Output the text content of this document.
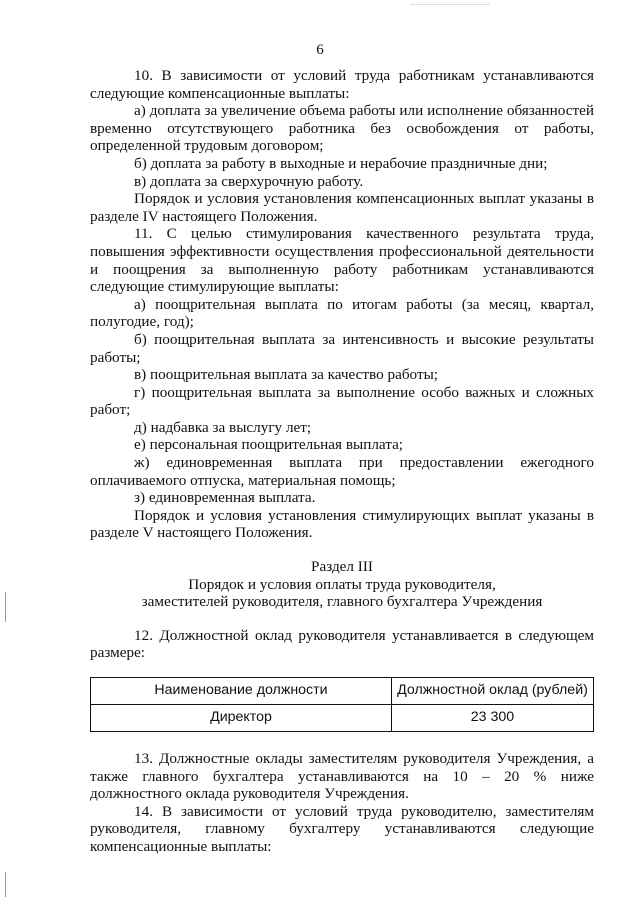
6

10. В зависимости от условий труда работникам устанавливаются следующие компенсационные выплаты:

а) доплата за увеличение объема работы или исполнение обязанностей временно отсутствующего работника без освобождения от работы, определенной трудовым договором;

б) доплата за работу в выходные и нерабочие праздничные дни;

в) доплата за сверхурочную работу.

Порядок и условия установления компенсационных выплат указаны в разделе IV настоящего Положения.

11. С целью стимулирования качественного результата труда, повышения эффективности осуществления профессиональной деятельности и поощрения за выполненную работу работникам устанавливаются следующие стимулирующие выплаты:

а) поощрительная выплата по итогам работы (за месяц, квартал, полугодие, год);

б) поощрительная выплата за интенсивность и высокие результаты работы;

в) поощрительная выплата за качество работы;

г) поощрительная выплата за выполнение особо важных и сложных работ;

д) надбавка за выслугу лет;

е) персональная поощрительная выплата;

ж) единовременная выплата при предоставлении ежегодного оплачиваемого отпуска, материальная помощь;

з) единовременная выплата.

Порядок и условия установления стимулирующих выплат указаны в разделе V настоящего Положения.

Раздел III

Порядок и условия оплаты труда руководителя,

заместителей руководителя, главного бухгалтера Учреждения

12. Должностной оклад руководителя устанавливается в следующем размере:

Наименование должности	Должностной оклад (рублей)
Директор	23 300

13. Должностные оклады заместителям руководителя Учреждения, а также главного бухгалтера устанавливаются на 10 – 20 % ниже должностного оклада руководителя Учреждения.

14. В зависимости от условий труда руководителю, заместителям руководителя, главному бухгалтеру устанавливаются следующие компенсационные выплаты:
